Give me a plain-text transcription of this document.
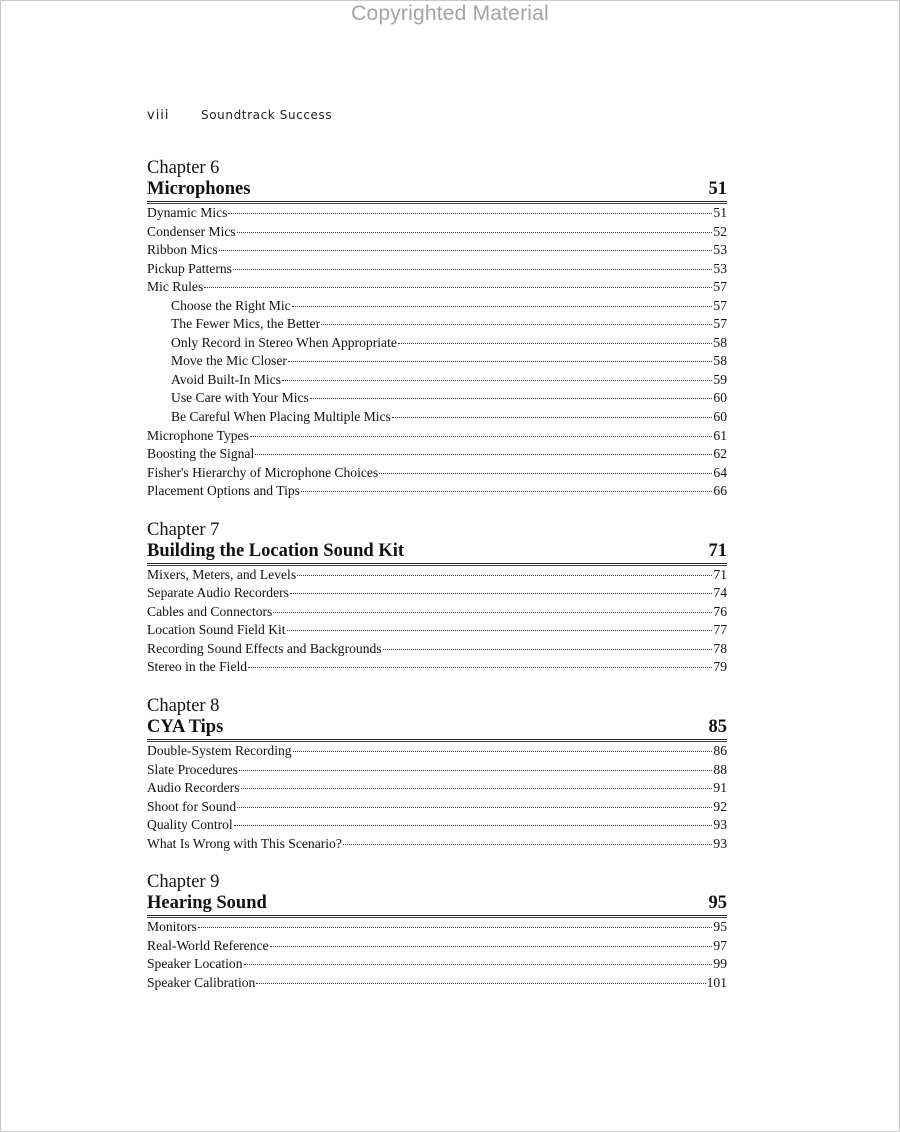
Copyrighted Material
viii	Soundtrack Success
Chapter 6
Microphones	51
Dynamic Mics	51
Condenser Mics	52
Ribbon Mics	53
Pickup Patterns	53
Mic Rules	57
Choose the Right Mic	57
The Fewer Mics, the Better	57
Only Record in Stereo When Appropriate	58
Move the Mic Closer	58
Avoid Built-In Mics	59
Use Care with Your Mics	60
Be Careful When Placing Multiple Mics	60
Microphone Types	61
Boosting the Signal	62
Fisher's Hierarchy of Microphone Choices	64
Placement Options and Tips	66
Chapter 7
Building the Location Sound Kit	71
Mixers, Meters, and Levels	71
Separate Audio Recorders	74
Cables and Connectors	76
Location Sound Field Kit	77
Recording Sound Effects and Backgrounds	78
Stereo in the Field	79
Chapter 8
CYA Tips	85
Double-System Recording	86
Slate Procedures	88
Audio Recorders	91
Shoot for Sound	92
Quality Control	93
What Is Wrong with This Scenario?	93
Chapter 9
Hearing Sound	95
Monitors	95
Real-World Reference	97
Speaker Location	99
Speaker Calibration	101
